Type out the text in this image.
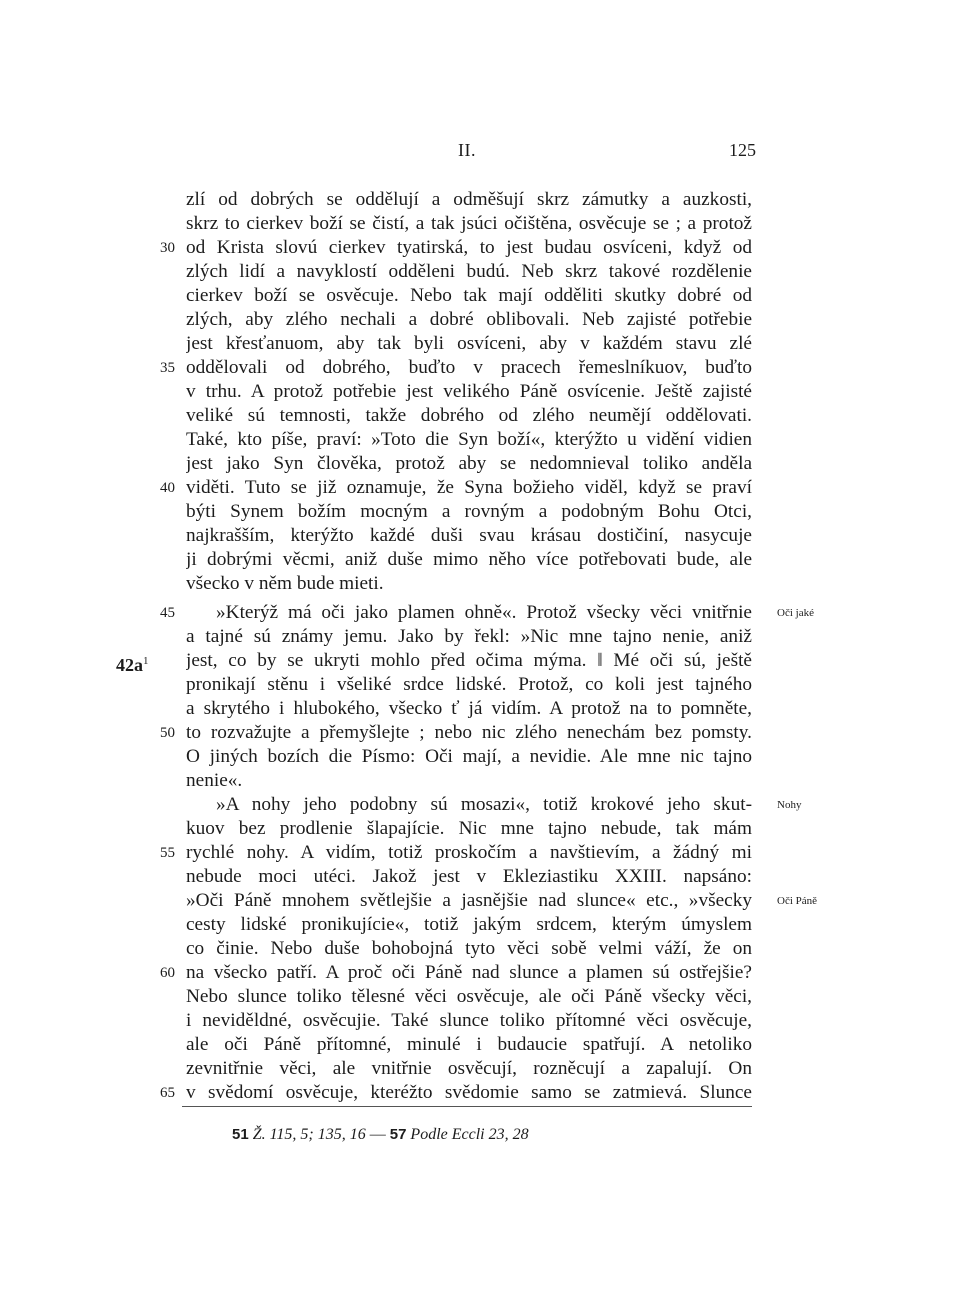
II.	125
zlí od dobrých se oddělují a odměšují skrz zámutky a auzkosti,
skrz to cierkev boží se čistí, a tak jsúci očištěna, osvěcuje se ; a protož
od Krista slovú cierkev tyatirská, to jest budau osvíceni, když od
zlých lidí a navyklostí odděleni budú. Neb skrz takové rozdělenie
cierkev boží se osvěcuje. Nebo tak mají odděliti skutky dobré od
zlých, aby zlého nechali a dobré oblibovali. Neb zajisté potřebie
jest křesťanuom, aby tak byli osvíceni, aby v každém stavu zlé
oddělovali od dobrého, buďto v pracech řemeslníkuov, buďto
v trhu. A protož potřebie jest velikého Páně osvícenie. Ještě zajisté
veliké sú temnosti, takže dobrého od zlého neumějí oddělovati.
Také, kto píše, praví: »Toto die Syn boží«, kterýžto u vidění vidien
jest jako Syn člověka, protož aby se nedomnieval toliko anděla
viděti. Tuto se již oznamuje, že Syna božieho viděl, když se praví
býti Synem božím mocným a rovným a podobným Bohu Otci,
najkrašším, kterýžto každé duši svau krásau dostičiní, nasycuje
ji dobrými věcmi, aniž duše mimo něho více potřebovati bude, ale
všecko v něm bude mieti.
»Kterýž má oči jako plamen ohně«. Protož všecky věci vnitřnie
a tajné sú známy jemu. Jako by řekl: »Nic mne tajno nenie, aniž
jest, co by se ukryti mohlo před očima mýma. ‖ Mé oči sú, ještě
pronikají stěnu i všeliké srdce lidské. Protož, co koli jest tajného
a skrytého i hlubokého, všecko ť já vidím. A protož na to pomněte,
to rozvažujte a přemyšlejte ; nebo nic zlého nenechám bez pomsty.
O jiných bozích die Písmo: Oči mají, a nevidie. Ale mne nic tajno
nenie«.
»A nohy jeho podobny sú mosazi«, totiž krokové jeho skut-
kuov bez prodlenie šlapajície. Nic mne tajno nebude, tak mám
rychlé nohy. A vidím, totiž proskočím a navštievím, a žádný mi
nebude moci utéci. Jakož jest v Ekleziastiku XXIII. napsáno:
»Oči Páně mnohem světlejšie a jasnějšie nad slunce« etc., »všecky
cesty lidské pronikujície«, totiž jakým srdcem, kterým úmyslem
co činie. Nebo duše bohobojná tyto věci sobě velmi váží, že on
na všecko patří. A proč oči Páně nad slunce a plamen sú ostřejšie?
Nebo slunce toliko tělesné věci osvěcuje, ale oči Páně všecky věci,
i neviděldné, osvěcujie. Také slunce toliko přítomné věci osvěcuje,
ale oči Páně přítomné, minulé i budaucie spatřují. A netoliko
zevnitřnie věci, ale vnitřnie osvěcují, rozněcují a zapalují. On
v svědomí osvěcuje, kteréžto svědomie samo se zatmievá. Slunce
30
35
40
45
50
55
60
65
$42a^1$
Oči jaké
Nohy
Oči Páně
51 Ž. 115, 5; 135, 16 — 57 Podle Eccli 23, 28
